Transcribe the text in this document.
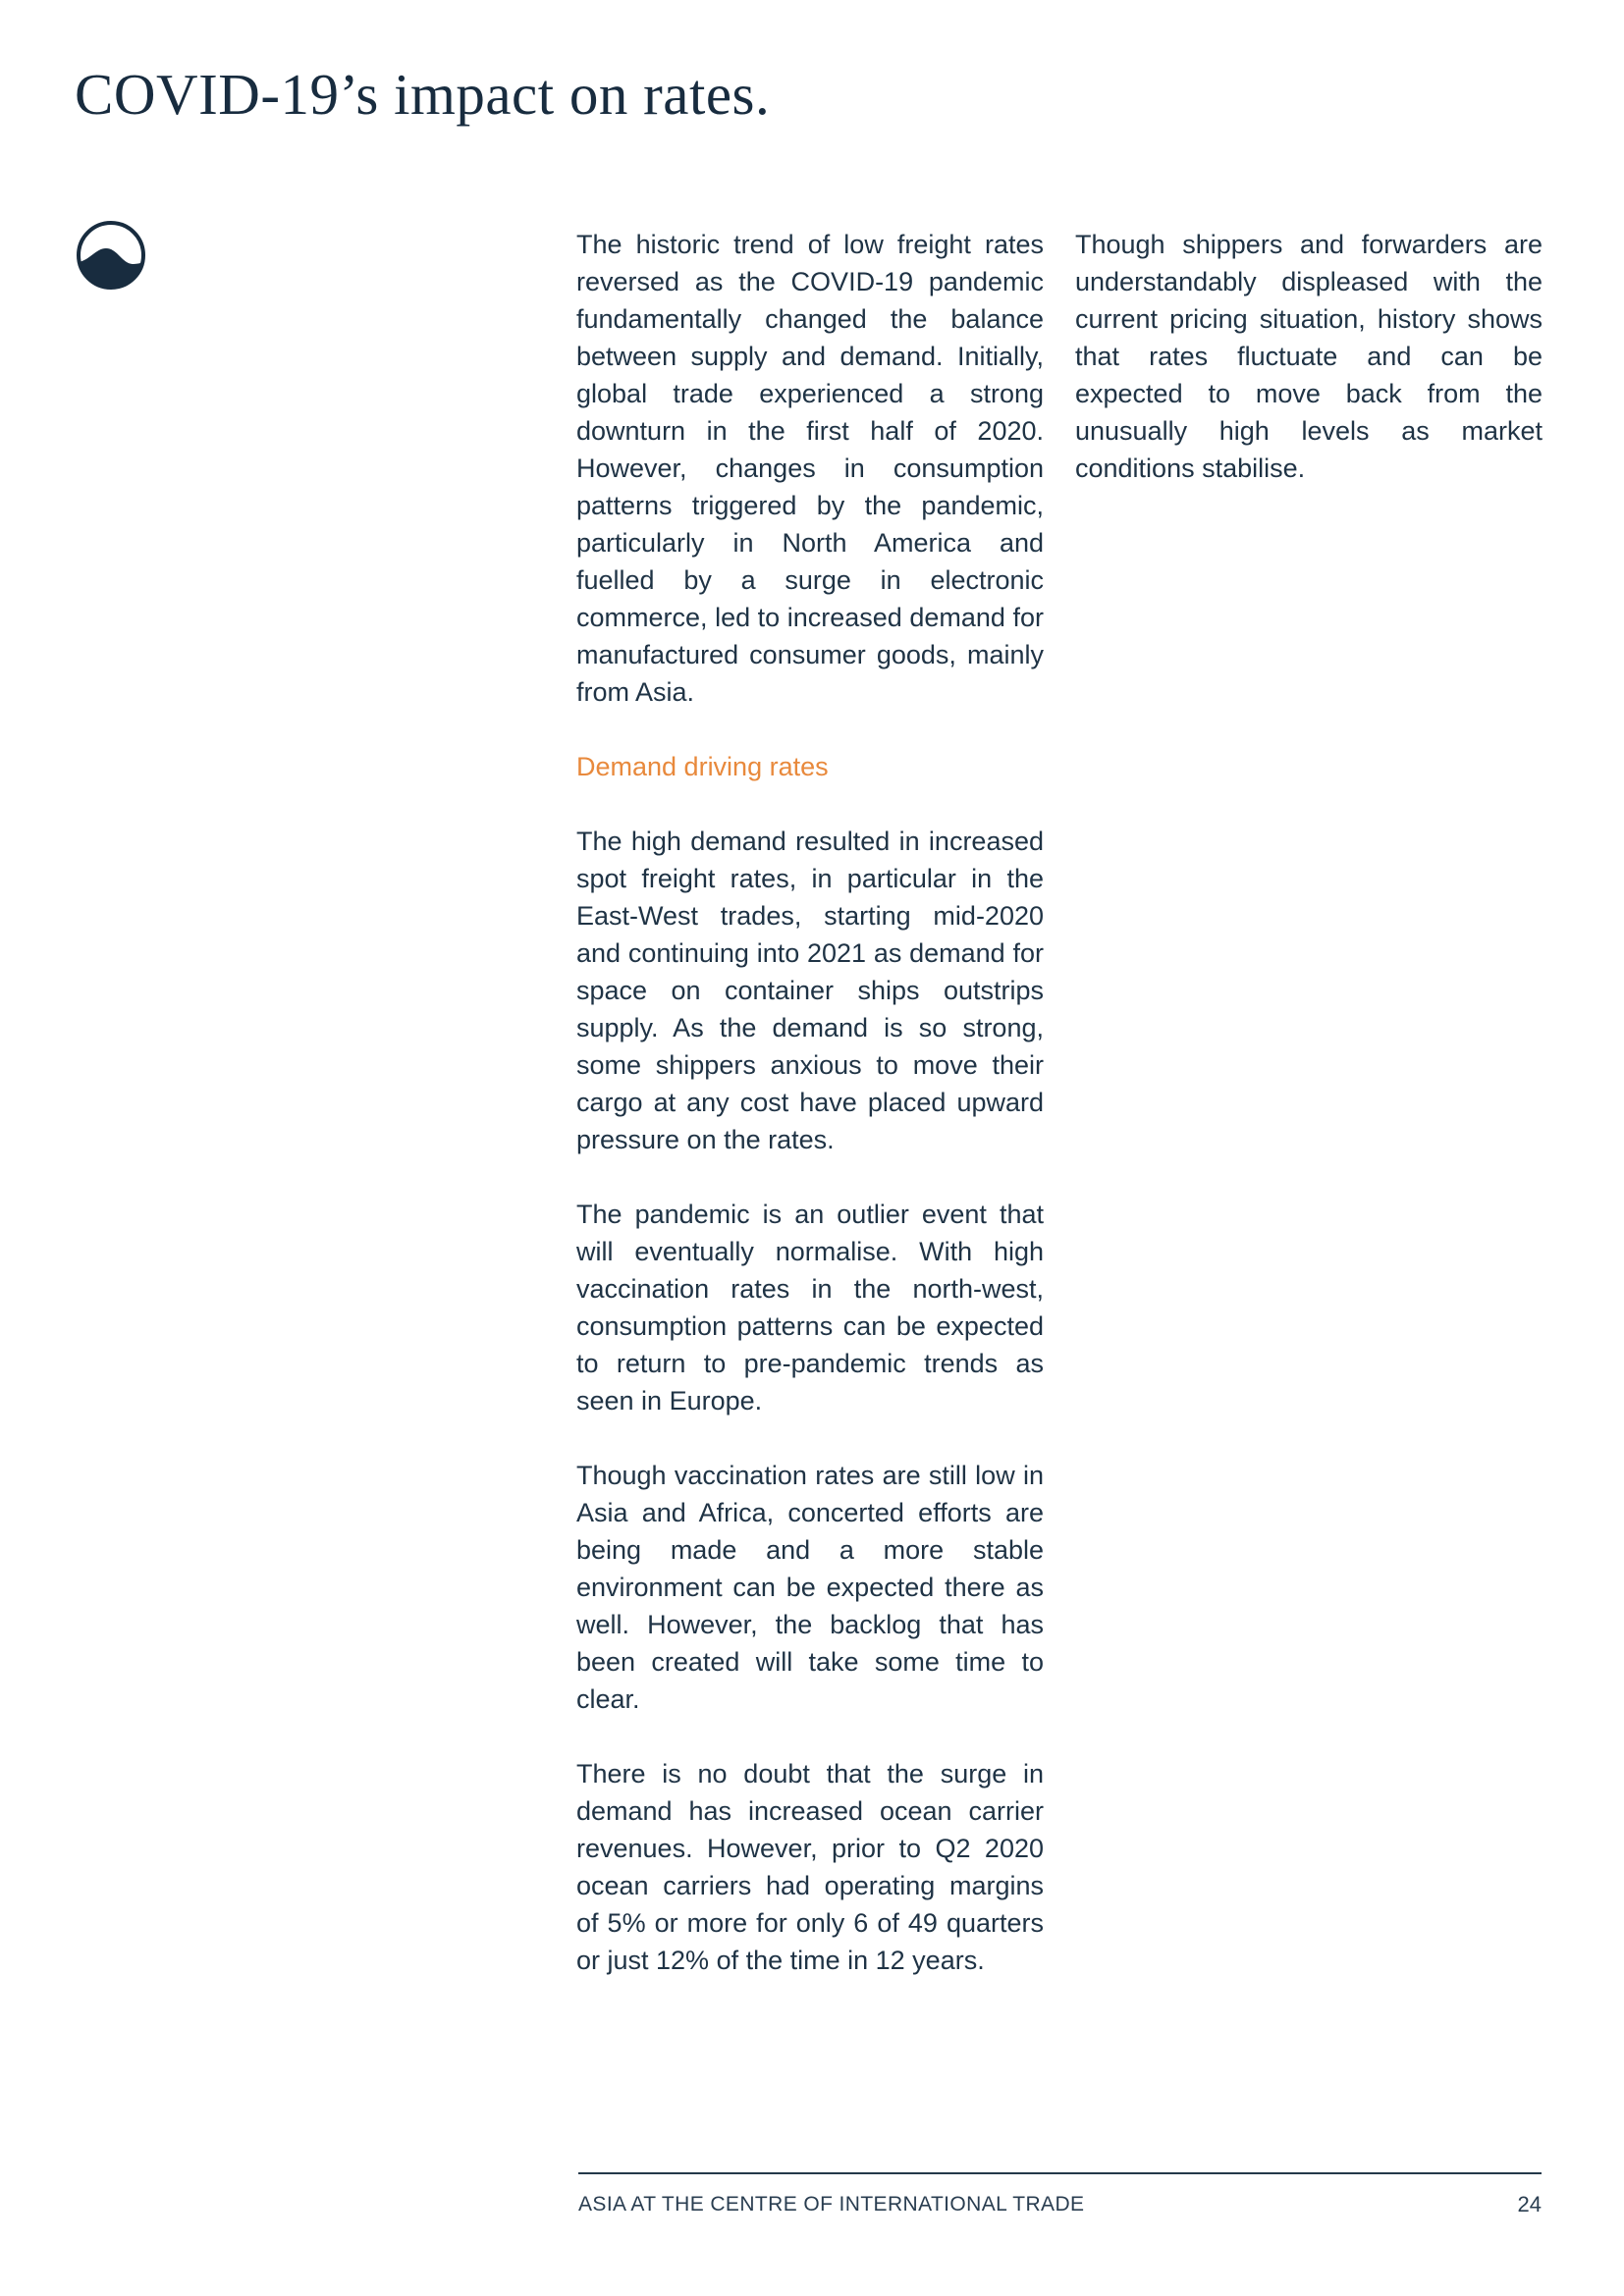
COVID-19’s impact on rates.

The historic trend of low freight rates reversed as the COVID-19 pandemic fundamentally changed the balance between supply and demand. Initially, global trade experienced a strong downturn in the first half of 2020. However, changes in consumption patterns triggered by the pandemic, particularly in North America and fuelled by a surge in electronic commerce, led to increased demand for manufactured consumer goods, mainly from Asia.

Demand driving rates

The high demand resulted in increased spot freight rates, in particular in the East-West trades, starting mid-2020 and continuing into 2021 as demand for space on container ships outstrips supply. As the demand is so strong, some shippers anxious to move their cargo at any cost have placed upward pressure on the rates.

The pandemic is an outlier event that will eventually normalise. With high vaccination rates in the north-west, consumption patterns can be expected to return to pre-pandemic trends as seen in Europe.

Though vaccination rates are still low in Asia and Africa, concerted efforts are being made and a more stable environment can be expected there as well. However, the backlog that has been created will take some time to clear.

There is no doubt that the surge in demand has increased ocean carrier revenues. However, prior to Q2 2020 ocean carriers had operating margins of 5% or more for only 6 of 49 quarters or just 12% of the time in 12 years.

Though shippers and forwarders are understandably displeased with the current pricing situation, history shows that rates fluctuate and can be expected to move back from the unusually high levels as market conditions stabilise.

ASIA AT THE CENTRE OF INTERNATIONAL TRADE	24
